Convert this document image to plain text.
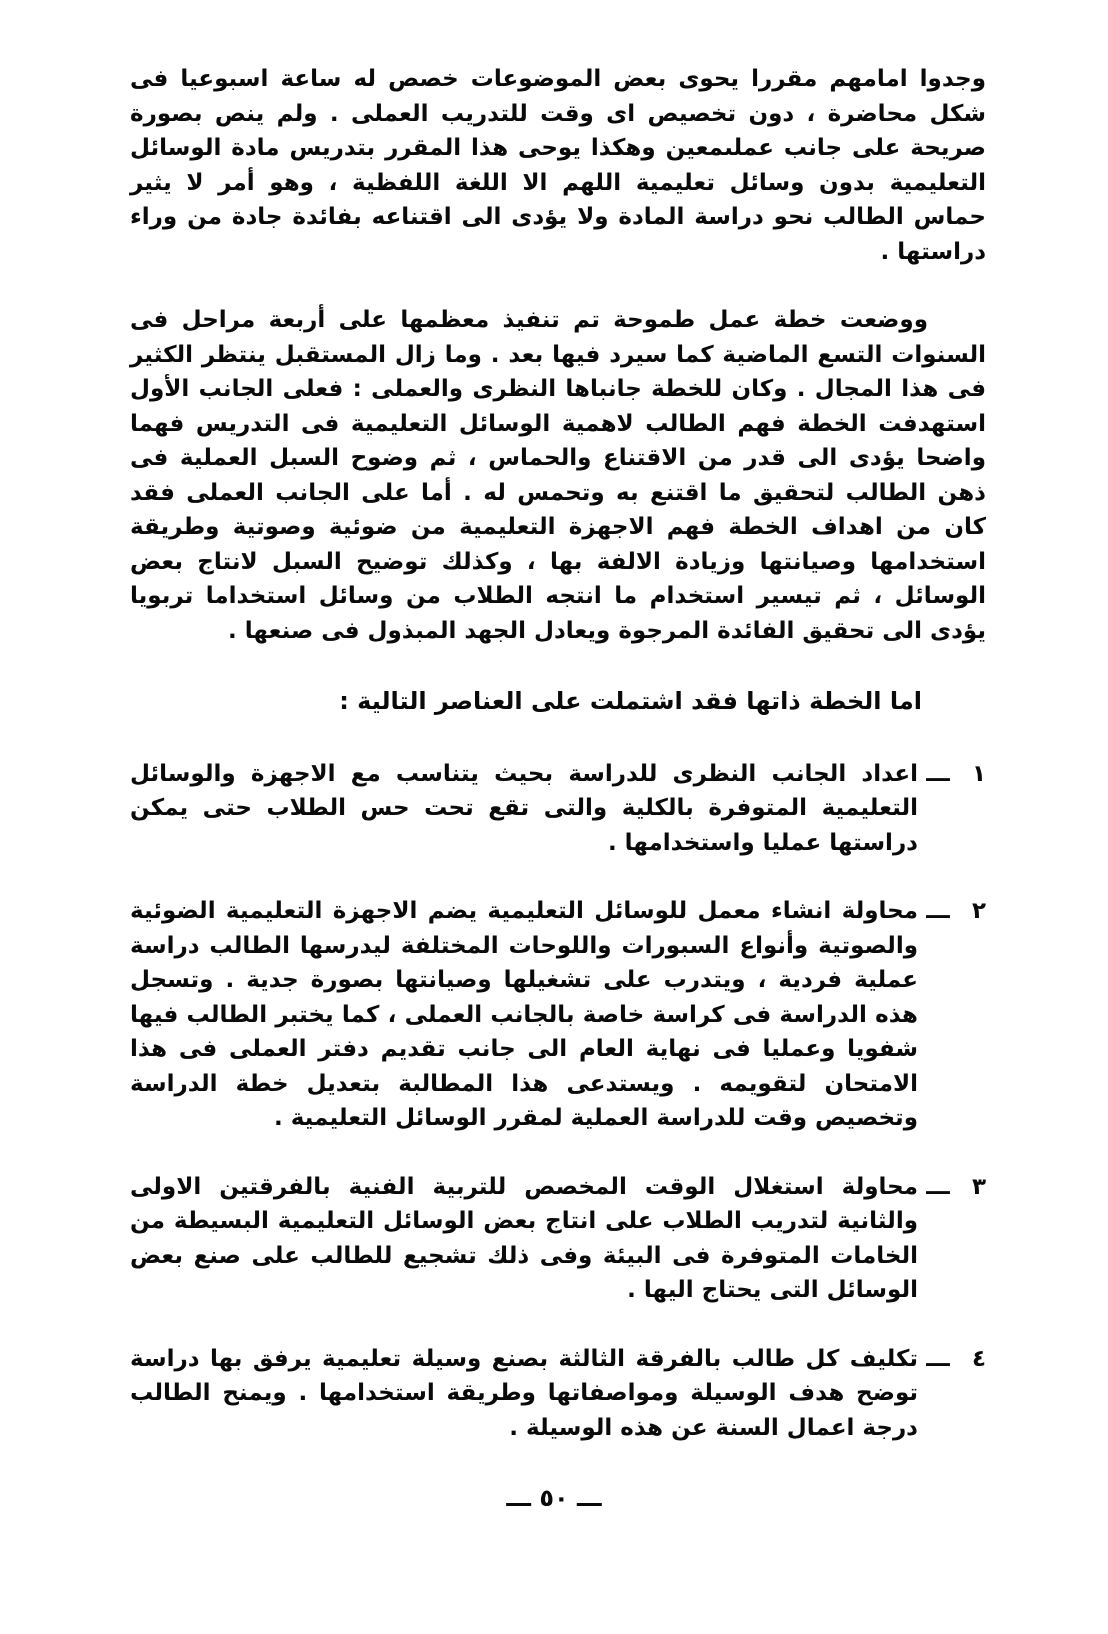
وجدوا امامهم مقررا يحوى بعض الموضوعات خصص له ساعة اسبوعيا فى شكل محاضرة ، دون تخصيص اى وقت للتدريب العملى . ولم ينص بصورة صريحة على جانب عملىمعين وهكذا يوحى هذا المقرر بتدريس مادة الوسائل التعليمية بدون وسائل تعليمية اللهم الا اللغة اللفظية ، وهو أمر لا يثير حماس الطالب نحو دراسة المادة ولا يؤدى الى اقتناعه بفائدة جادة من وراء دراستها .

ووضعت خطة عمل طموحة تم تنفيذ معظمها على أربعة مراحل فى السنوات التسع الماضية كما سيرد فيها بعد . وما زال المستقبل ينتظر الكثير فى هذا المجال . وكان للخطة جانباها النظرى والعملى : فعلى الجانب الأول استهدفت الخطة فهم الطالب لاهمية الوسائل التعليمية فى التدريس فهما واضحا يؤدى الى قدر من الاقتناع والحماس ، ثم وضوح السبل العملية فى ذهن الطالب لتحقيق ما اقتنع به وتحمس له . أما على الجانب العملى فقد كان من اهداف الخطة فهم الاجهزة التعليمية من ضوئية وصوتية وطريقة استخدامها وصيانتها وزيادة الالفة بها ، وكذلك توضيح السبل لانتاج بعض الوسائل ، ثم تيسير استخدام ما انتجه الطلاب من وسائل استخداما تربويا يؤدى الى تحقيق الفائدة المرجوة ويعادل الجهد المبذول فى صنعها .

اما الخطة ذاتها فقد اشتملت على العناصر التالية :

١
ـــ
اعداد الجانب النظرى للدراسة بحيث يتناسب مع الاجهزة والوسائل التعليمية المتوفرة بالكلية والتى تقع تحت حس الطلاب حتى يمكن دراستها عمليا واستخدامها .
٢
ـــ
محاولة انشاء معمل للوسائل التعليمية يضم الاجهزة التعليمية الضوئية والصوتية وأنواع السبورات واللوحات المختلفة ليدرسها الطالب دراسة عملية فردية ، ويتدرب على تشغيلها وصيانتها بصورة جدية . وتسجل هذه الدراسة فى كراسة خاصة بالجانب العملى ، كما يختبر الطالب فيها شفويا وعمليا فى نهاية العام الى جانب تقديم دفتر العملى فى هذا الامتحان لتقويمه . ويستدعى هذا المطالبة بتعديل خطة الدراسة وتخصيص وقت للدراسة العملية لمقرر الوسائل التعليمية .
٣
ـــ
محاولة استغلال الوقت المخصص للتربية الفنية بالفرقتين الاولى والثانية لتدريب الطلاب على انتاج بعض الوسائل التعليمية البسيطة من الخامات المتوفرة فى البيئة وفى ذلك تشجيع للطالب على صنع بعض الوسائل التى يحتاج اليها .
٤
ـــ
تكليف كل طالب بالفرقة الثالثة بصنع وسيلة تعليمية يرفق بها دراسة توضح هدف الوسيلة ومواصفاتها وطريقة استخدامها . ويمنح الطالب درجة اعمال السنة عن هذه الوسيلة .
ـــ ٥٠ ـــ
